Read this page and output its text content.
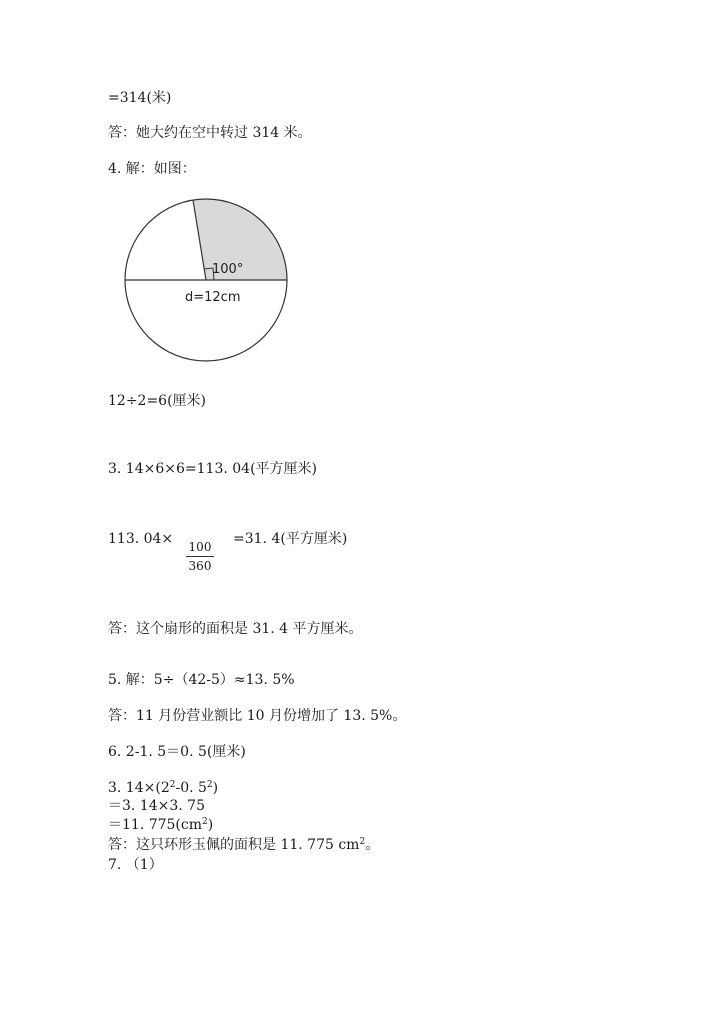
=314(米)
答：她大约在空中转过 314 米。
4. 解：如图：
100°
d=12cm
12÷2=6(厘米)
3. 14×6×6=113. 04(平方厘米)
113. 04× 100
360
=31. 4(平方厘米)
答：这个扇形的面积是 31. 4 平方厘米。
5. 解：5÷（42-5）≈13. 5%
答：11 月份营业额比 10 月份增加了 13. 5%。
6. 2-1. 5＝0. 5(厘米)
3. $14\times(2^2-0$. $5^2$)
＝3. 14×3. 75
＝11. $775(cm^2)$
答：这只环形玉佩的面积是 11. 775 $cm^2$。
7. （1）
